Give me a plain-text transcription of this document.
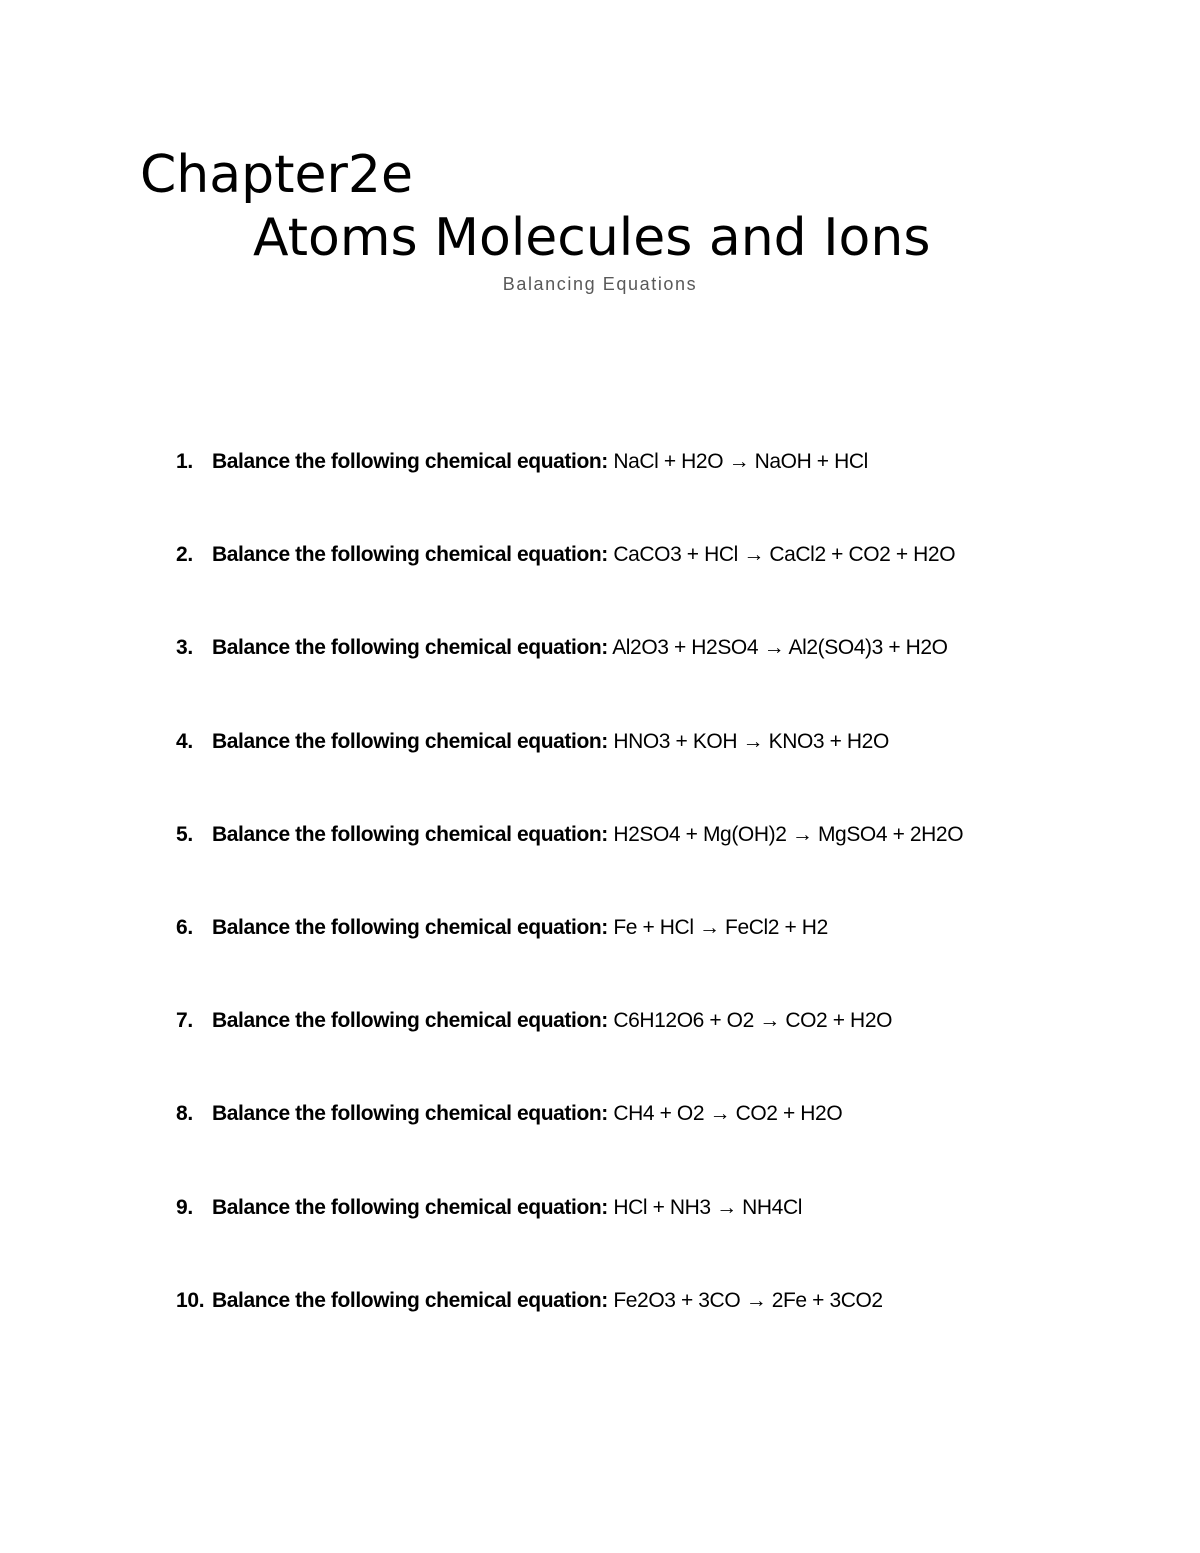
Chapter2e
Atoms Molecules and Ions
Balancing Equations
1. Balance the following chemical equation: NaCl + H2O → NaOH + HCl
2. Balance the following chemical equation: CaCO3 + HCl → CaCl2 + CO2 + H2O
3. Balance the following chemical equation: Al2O3 + H2SO4 → Al2(SO4)3 + H2O
4. Balance the following chemical equation: HNO3 + KOH → KNO3 + H2O
5. Balance the following chemical equation: H2SO4 + Mg(OH)2 → MgSO4 + 2H2O
6. Balance the following chemical equation: Fe + HCl → FeCl2 + H2
7. Balance the following chemical equation: C6H12O6 + O2 → CO2 + H2O
8. Balance the following chemical equation: CH4 + O2 → CO2 + H2O
9. Balance the following chemical equation: HCl + NH3 → NH4Cl
10. Balance the following chemical equation: Fe2O3 + 3CO → 2Fe + 3CO2
